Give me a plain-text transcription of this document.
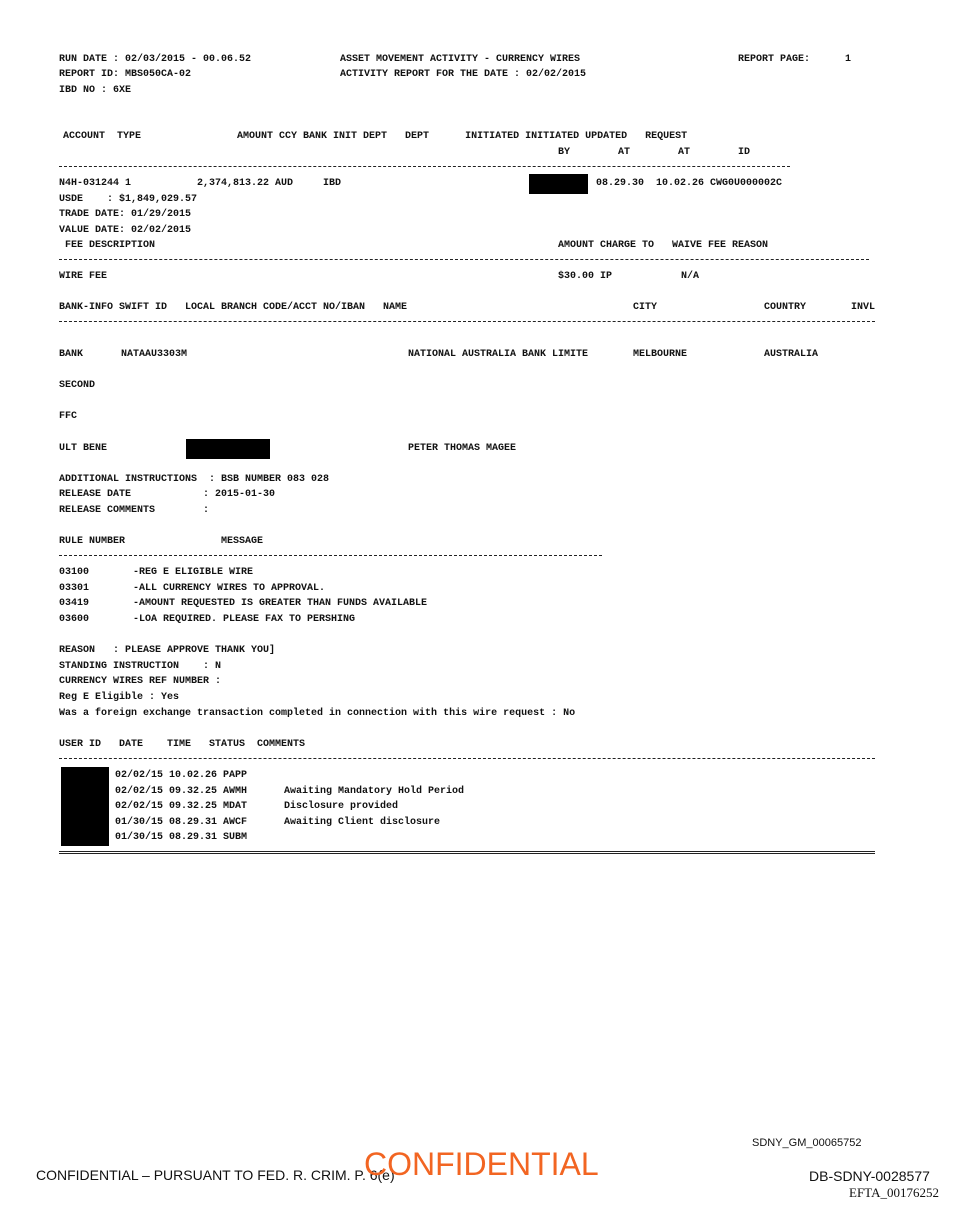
RUN DATE : 02/03/2015 - 00.06.52
REPORT ID: MBS050CA-02
IBD NO : 6XE
ASSET MOVEMENT ACTIVITY - CURRENCY WIRES
ACTIVITY REPORT FOR THE DATE : 02/02/2015
REPORT PAGE:	1
ACCOUNT  TYPE                AMOUNT CCY BANK INIT DEPT   DEPT      INITIATED INITIATED UPDATED   REQUEST
BY        AT        AT        ID
N4H-031244 1           2,374,813.22 AUD     IBD	08.29.30  10.02.26 CWG0U000002C
USDE    : $1,849,029.57
TRADE DATE: 01/29/2015
VALUE DATE: 02/02/2015
FEE DESCRIPTION	AMOUNT CHARGE TO   WAIVE FEE REASON
WIRE FEE	$30.00 IP	N/A
BANK-INFO SWIFT ID   LOCAL BRANCH CODE/ACCT NO/IBAN   NAME	CITY	COUNTRY	INVL
BANK	NATAAU3303M	NATIONAL AUSTRALIA BANK LIMITE	MELBOURNE	AUSTRALIA
SECOND
FFC
ULT BENE	PETER THOMAS MAGEE
ADDITIONAL INSTRUCTIONS  : BSB NUMBER 083 028
RELEASE DATE            : 2015-01-30
RELEASE COMMENTS        :
RULE NUMBER	MESSAGE
03100	-REG E ELIGIBLE WIRE
03301	-ALL CURRENCY WIRES TO APPROVAL.
03419	-AMOUNT REQUESTED IS GREATER THAN FUNDS AVAILABLE
03600	-LOA REQUIRED. PLEASE FAX TO PERSHING
REASON   : PLEASE APPROVE THANK YOU]
STANDING INSTRUCTION    : N
CURRENCY WIRES REF NUMBER :
Reg E Eligible : Yes
Was a foreign exchange transaction completed in connection with this wire request : No
USER ID   DATE    TIME   STATUS  COMMENTS
02/02/15 10.02.26 PAPP
02/02/15 09.32.25 AWMH	Awaiting Mandatory Hold Period
02/02/15 09.32.25 MDAT	Disclosure provided
01/30/15 08.29.31 AWCF	Awaiting Client disclosure
01/30/15 08.29.31 SUBM
SDNY_GM_00065752
CONFIDENTIAL – PURSUANT TO FED. R. CRIM. P. 6(e)
CONFIDENTIAL	DB-SDNY-0028577
EFTA_00176252
